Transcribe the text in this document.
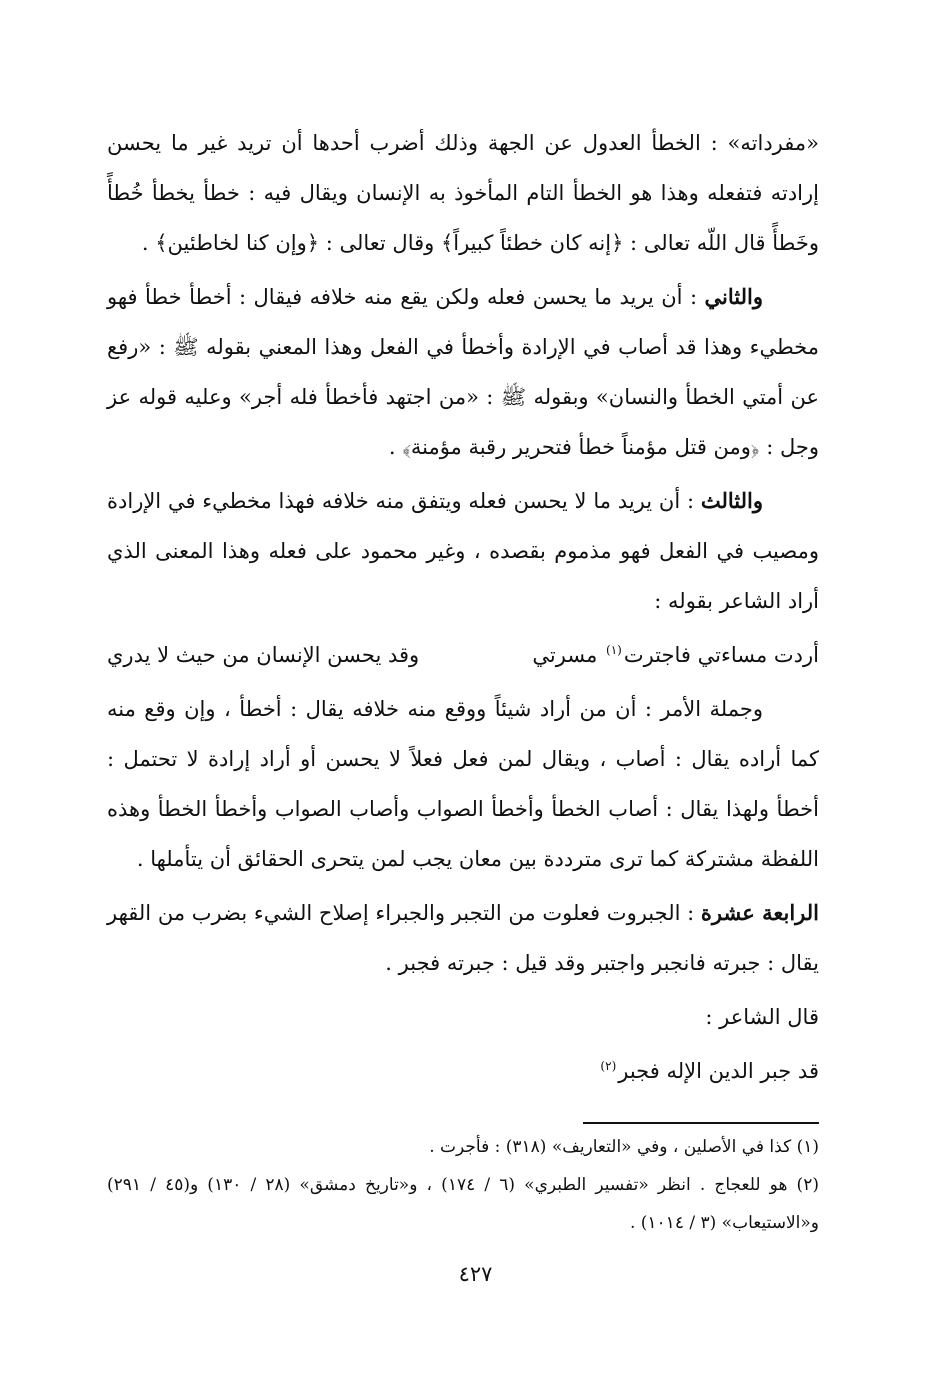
«مفرداته» : الخطأ العدول عن الجهة وذلك أضرب أحدها أن تريد غير ما يحسن إرادته فتفعله وهذا هو الخطأ التام المأخوذ به الإنسان ويقال فيه : خطأ يخطأ خُطأً وخَطأً قال اللّه تعالى : ﴿إنه كان خطئاً كبيراً﴾ وقال تعالى : ﴿وإن كنا لخاطئين﴾ .

والثاني : أن يريد ما يحسن فعله ولكن يقع منه خلافه فيقال : أخطأ خطأ فهو مخطيء وهذا قد أصاب في الإرادة وأخطأ في الفعل وهذا المعني بقوله ﷺ : «رفع عن أمتي الخطأ والنسان» وبقوله ﷺ : «من اجتهد فأخطأ فله أجر» وعليه قوله عز وجل : ﴿ومن قتل مؤمناً خطأ فتحرير رقبة مؤمنة﴾ .

والثالث : أن يريد ما لا يحسن فعله ويتفق منه خلافه فهذا مخطيء في الإرادة ومصيب في الفعل فهو مذموم بقصده ، وغير محمود على فعله وهذا المعنى الذي أراد الشاعر بقوله :

أردت مساءتي فاجترت$^{(١)}$ مسرتي
وقد يحسن الإنسان من حيث لا يدري

وجملة الأمر : أن من أراد شيئاً ووقع منه خلافه يقال : أخطأ ، وإن وقع منه كما أراده يقال : أصاب ، ويقال لمن فعل فعلاً لا يحسن أو أراد إرادة لا تحتمل : أخطأ ولهذا يقال : أصاب الخطأ وأخطأ الصواب وأصاب الصواب وأخطأ الخطأ وهذه اللفظة مشتركة كما ترى مترددة بين معان يجب لمن يتحرى الحقائق أن يتأملها .

الرابعة عشرة : الجبروت فعلوت من التجبر والجبراء إصلاح الشيء بضرب من القهر يقال : جبرته فانجبر واجتبر وقد قيل : جبرته فجبر .

قال الشاعر :

قد جبر الدين الإله فجبر$^{(٢)}$

(١) كذا في الأصلين ، وفي «التعاريف» (٣١٨) : فأجرت .

(٢) هو للعجاج . انظر «تفسير الطبري» (٦ / ١٧٤) ، و«تاريخ دمشق» (٢٨ / ١٣٠) و(٤٥ / ٢٩١) و«الاستيعاب» (٣ / ١٠١٤) .

٤٢٧
